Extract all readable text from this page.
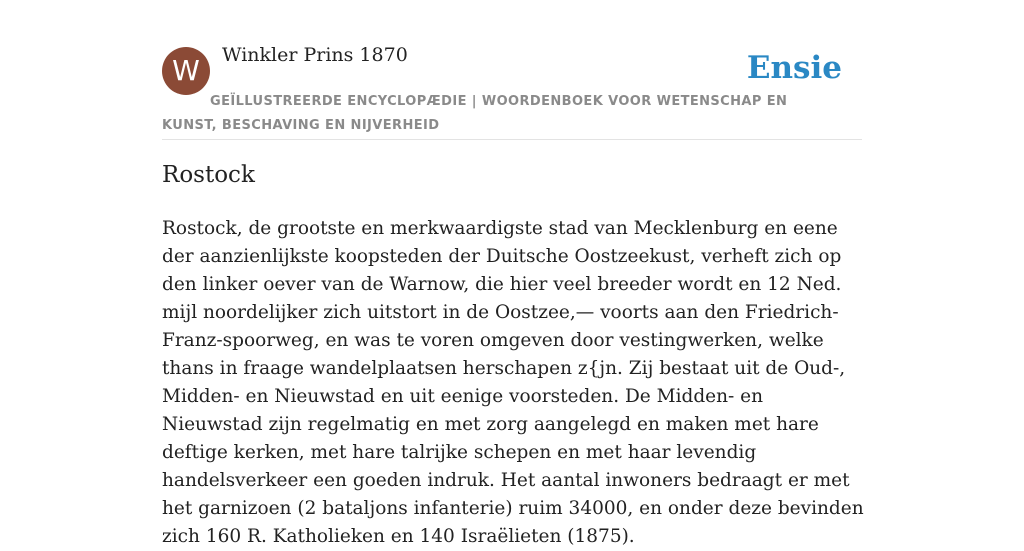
W	Winkler Prins 1870	Ensie
GEÏLLUSTREERDE ENCYCLOPÆDIE | WOORDENBOEK VOOR WETENSCHAP EN KUNST, BESCHAVING EN NIJVERHEID
Rostock

Rostock, de grootste en merkwaardigste stad van Mecklenburg en eene der aanzienlijkste koopsteden der Duitsche Oostzeekust, verheft zich op den linker oever van de Warnow, die hier veel breeder wordt en 12 Ned. mijl noordelijker zich uitstort in de Oostzee,— voorts aan den Friedrich-Franz-spoorweg, en was te voren omgeven door vestingwerken, welke thans in fraage wandelplaatsen herschapen z{jn. Zij bestaat uit de Oud-, Midden- en Nieuwstad en uit eenige voorsteden. De Midden- en Nieuwstad zijn regelmatig en met zorg aangelegd en maken met hare deftige kerken, met hare talrijke schepen en met haar levendig handelsverkeer een goeden indruk. Het aantal inwoners bedraagt er met het garnizoen (2 bataljons infanterie) ruim 34000, en onder deze bevinden zich 160 R. Katholieken en 140 Israëlieten (1875).
